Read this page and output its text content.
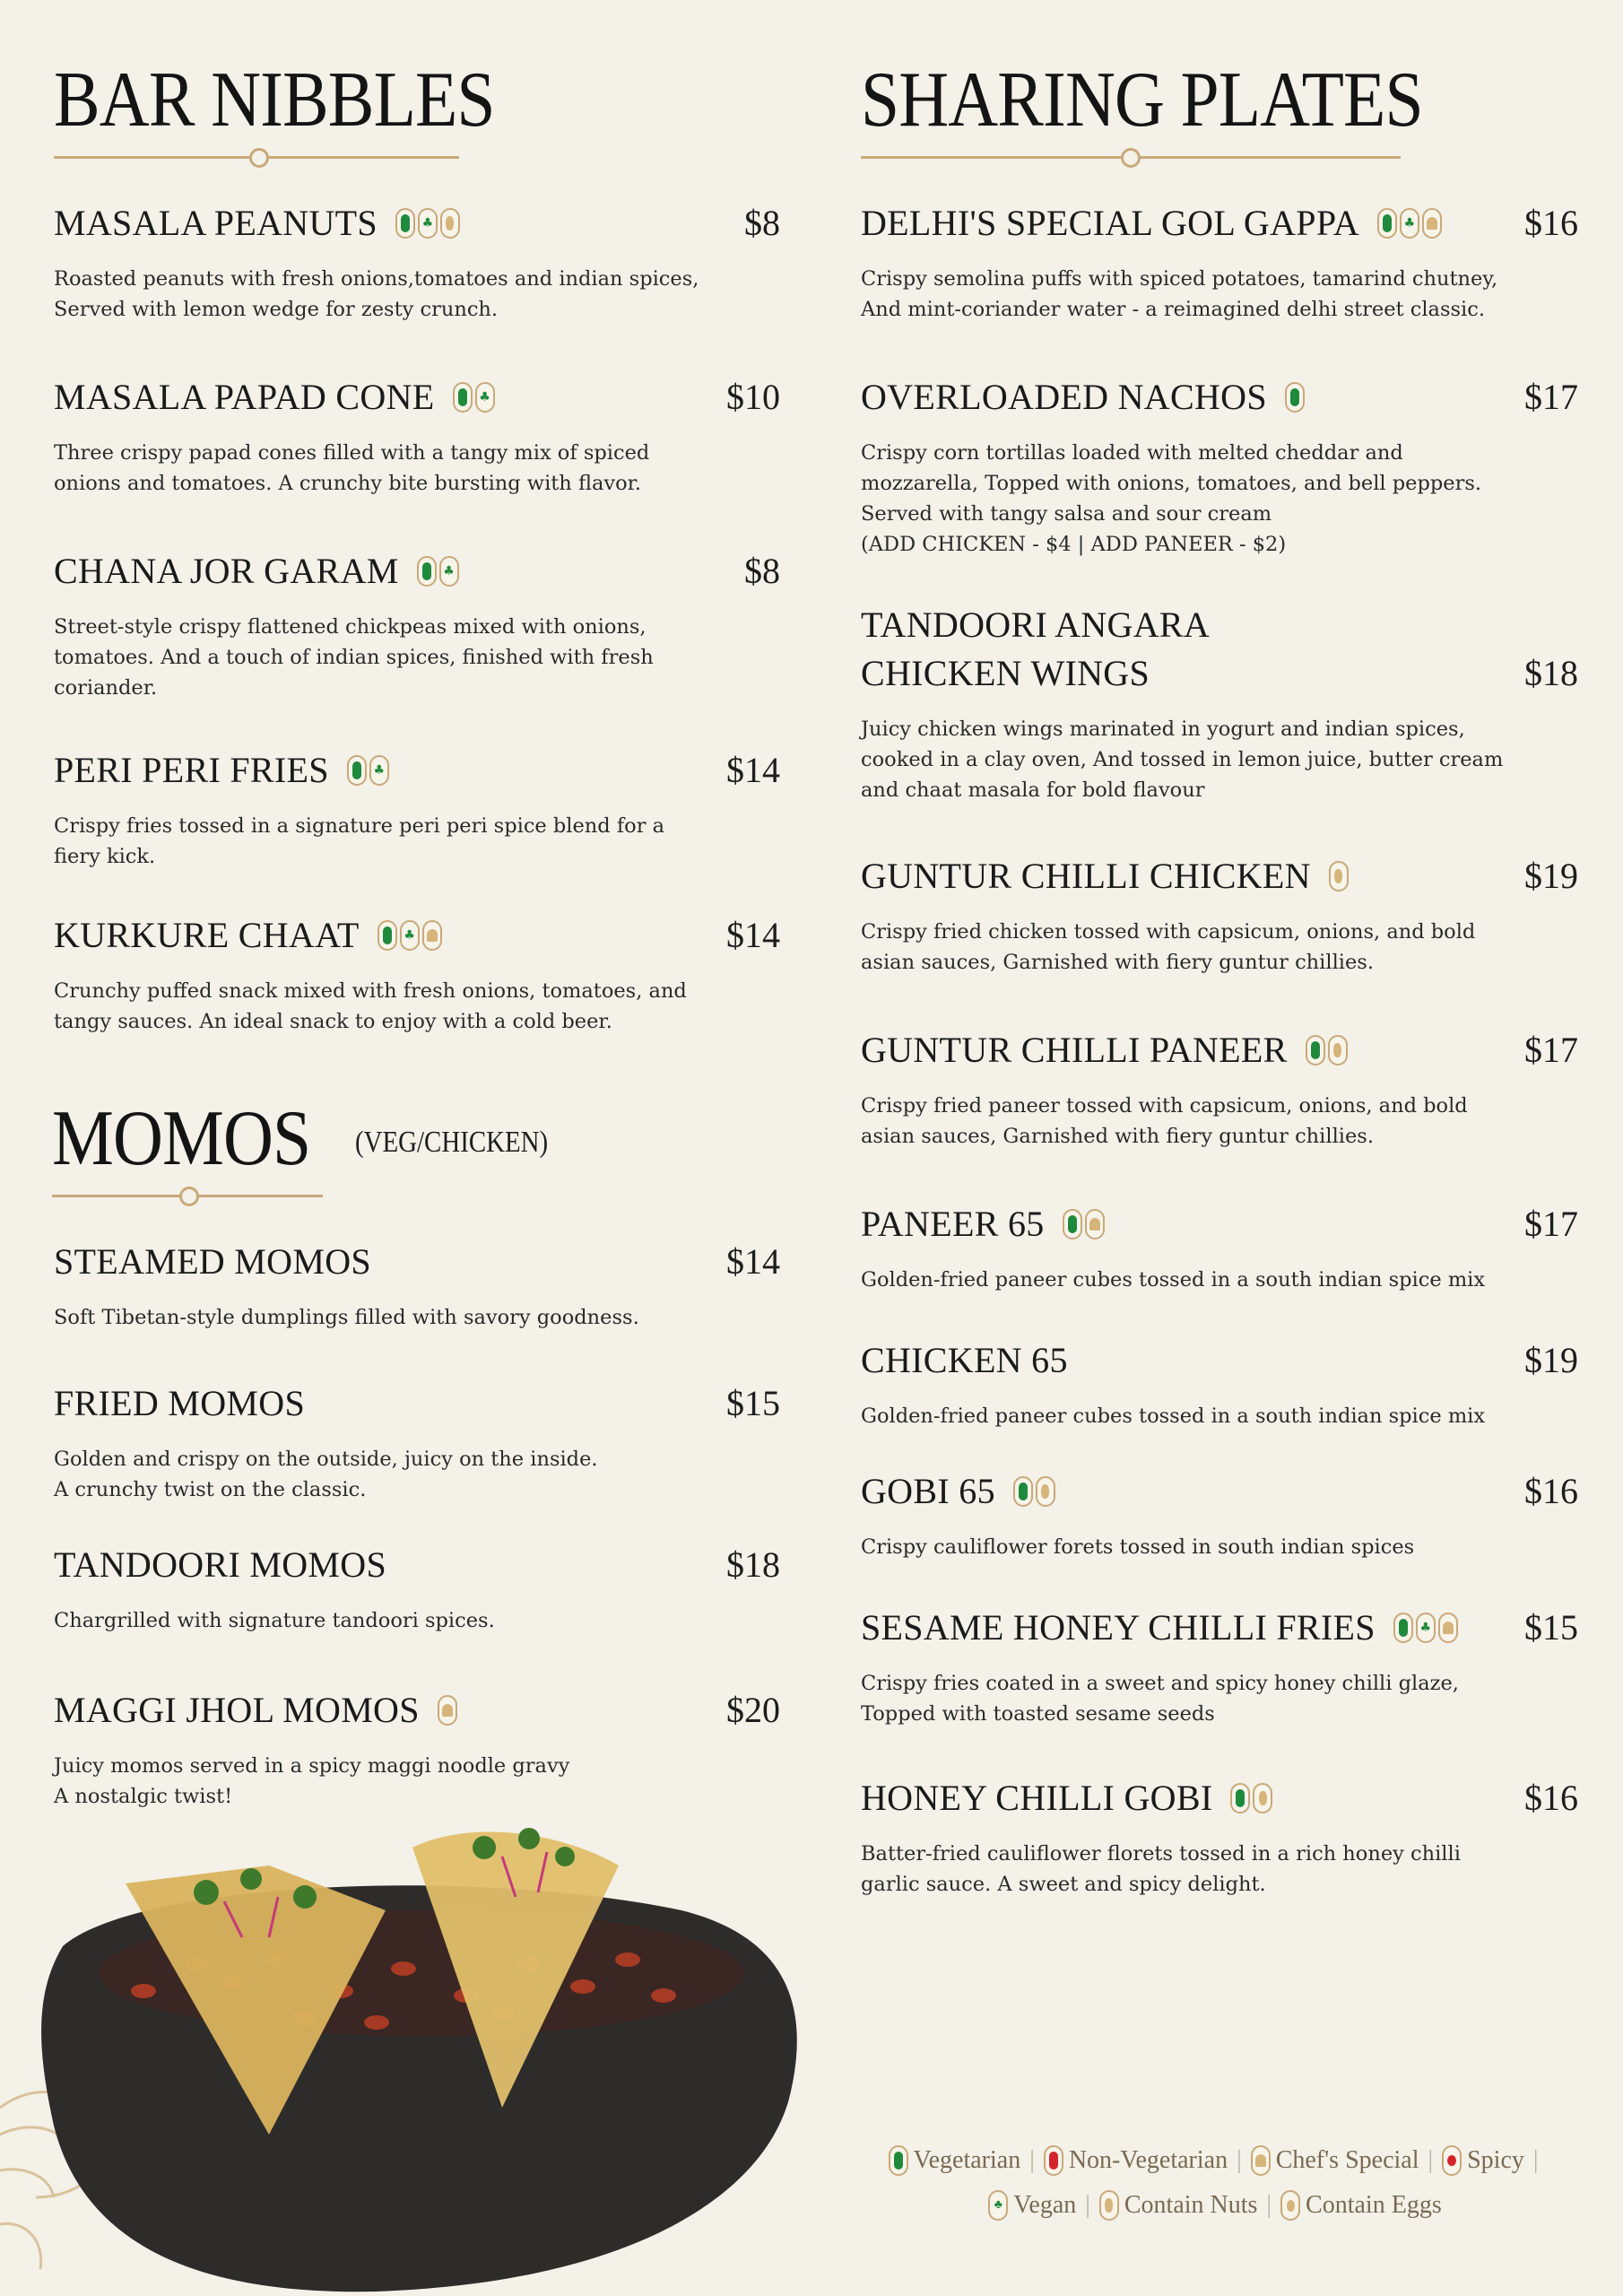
BAR NIBBLES
MASALA PEANUTS	♣	$8
Roasted peanuts with fresh onions,tomatoes and indian spices,
Served with lemon wedge for zesty crunch.
MASALA PAPAD CONE	♣	$10
Three crispy papad cones filled with a tangy mix of spiced
onions and tomatoes. A crunchy bite bursting with flavor.
CHANA JOR GARAM	♣	$8
Street-style crispy flattened chickpeas mixed with onions,
tomatoes. And a touch of indian spices, finished with fresh
coriander.
PERI PERI FRIES	♣	$14
Crispy fries tossed in a signature peri peri spice blend for a
fiery kick.
KURKURE CHAAT	♣	$14
Crunchy puffed snack mixed with fresh onions, tomatoes, and
tangy sauces. An ideal snack to enjoy with a cold beer.
MOMOS (VEG/CHICKEN)
STEAMED MOMOS	$14
Soft Tibetan-style dumplings filled with savory goodness.
FRIED MOMOS	$15
Golden and crispy on the outside, juicy on the inside.
A crunchy twist on the classic.
TANDOORI MOMOS	$18
Chargrilled with signature tandoori spices.
MAGGI JHOL MOMOS	$20
Juicy momos served in a spicy maggi noodle gravy
A nostalgic twist!
SHARING PLATES
DELHI'S SPECIAL GOL GAPPA	♣	$16
Crispy semolina puffs with spiced potatoes, tamarind chutney,
And mint-coriander water - a reimagined delhi street classic.
OVERLOADED NACHOS	$17
Crispy corn tortillas loaded with melted cheddar and
mozzarella, Topped with onions, tomatoes, and bell peppers.
Served with tangy salsa and sour cream
(ADD CHICKEN - $4 | ADD PANEER - $2)
TANDOORI ANGARA
CHICKEN WINGS	$18
Juicy chicken wings marinated in yogurt and indian spices,
cooked in a clay oven, And tossed in lemon juice, butter cream
and chaat masala for bold flavour
GUNTUR CHILLI CHICKEN	$19
Crispy fried chicken tossed with capsicum, onions, and bold
asian sauces, Garnished with fiery guntur chillies.
GUNTUR CHILLI PANEER	$17
Crispy fried paneer tossed with capsicum, onions, and bold
asian sauces, Garnished with fiery guntur chillies.
PANEER 65	$17
Golden-fried paneer cubes tossed in a south indian spice mix
CHICKEN 65	$19
Golden-fried paneer cubes tossed in a south indian spice mix
GOBI 65	$16
Crispy cauliflower forets tossed in south indian spices
SESAME HONEY CHILLI FRIES	♣	$15
Crispy fries coated in a sweet and spicy honey chilli glaze,
Topped with toasted sesame seeds
HONEY CHILLI GOBI	$16
Batter-fried cauliflower florets tossed in a rich honey chilli
garlic sauce. A sweet and spicy delight.
Vegetarian | Non-Vegetarian | Chef's Special | Spicy |
♣ Vegan | Contain Nuts | Contain Eggs
